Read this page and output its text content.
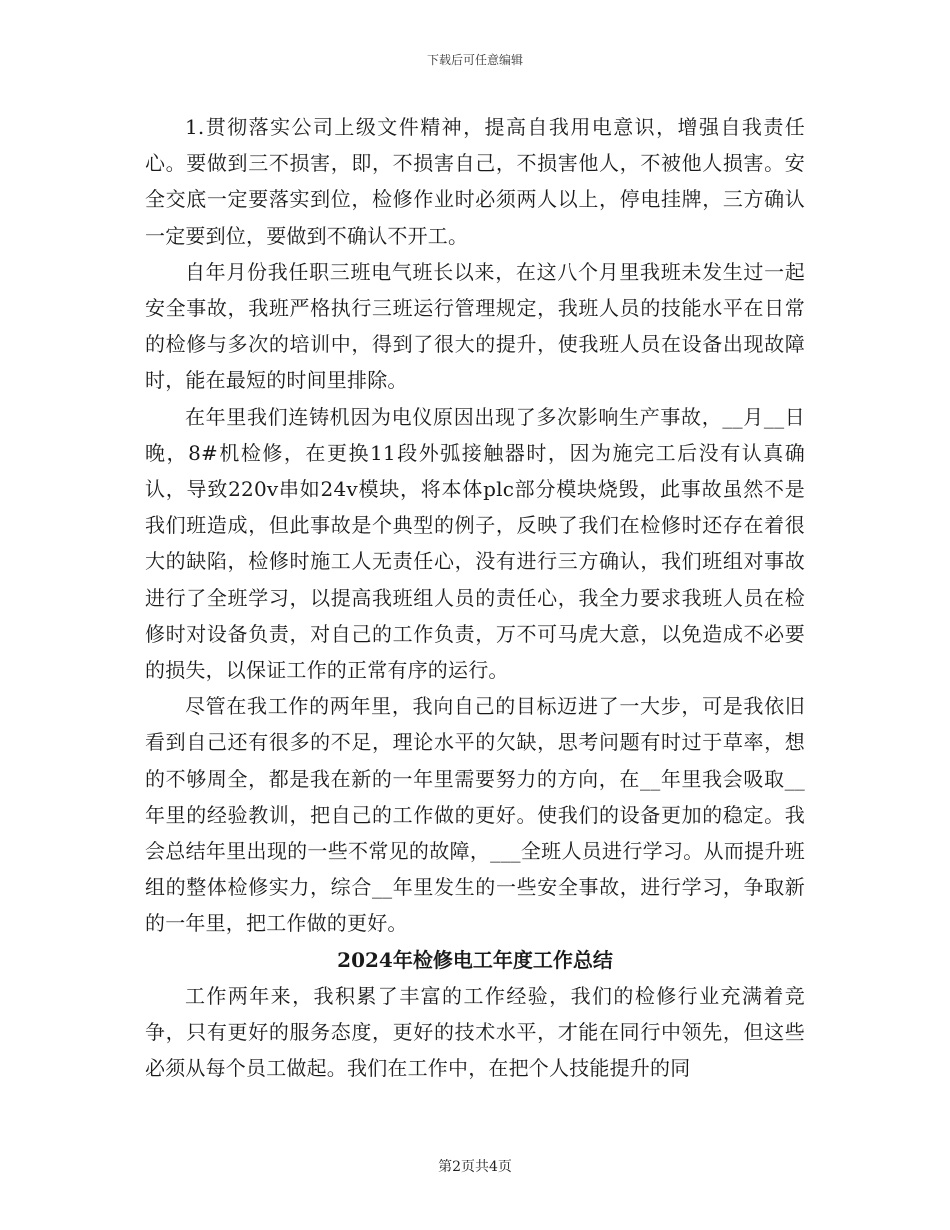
下载后可任意编辑

1.贯彻落实公司上级文件精神，提高自我用电意识，增强自我责任心。要做到三不损害，即，不损害自己，不损害他人，不被他人损害。安全交底一定要落实到位，检修作业时必须两人以上，停电挂牌，三方确认一定要到位，要做到不确认不开工。

自年月份我任职三班电气班长以来，在这八个月里我班未发生过一起安全事故，我班严格执行三班运行管理规定，我班人员的技能水平在日常的检修与多次的培训中，得到了很大的提升，使我班人员在设备出现故障时，能在最短的时间里排除。

在年里我们连铸机因为电仪原因出现了多次影响生产事故，__月__日晚，8#机检修，在更换11段外弧接触器时，因为施完工后没有认真确认，导致220v串如24v模块，将本体plc部分模块烧毁，此事故虽然不是我们班造成，但此事故是个典型的例子，反映了我们在检修时还存在着很大的缺陷，检修时施工人无责任心，没有进行三方确认，我们班组对事故进行了全班学习，以提高我班组人员的责任心，我全力要求我班人员在检修时对设备负责，对自己的工作负责，万不可马虎大意，以免造成不必要的损失，以保证工作的正常有序的运行。

尽管在我工作的两年里，我向自己的目标迈进了一大步，可是我依旧看到自己还有很多的不足，理论水平的欠缺，思考问题有时过于草率，想的不够周全，都是我在新的一年里需要努力的方向，在__年里我会吸取__年里的经验教训，把自己的工作做的更好。使我们的设备更加的稳定。我会总结年里出现的一些不常见的故障，___全班人员进行学习。从而提升班组的整体检修实力，综合__年里发生的一些安全事故，进行学习，争取新的一年里，把工作做的更好。

2024年检修电工年度工作总结

工作两年来，我积累了丰富的工作经验，我们的检修行业充满着竞争，只有更好的服务态度，更好的技术水平，才能在同行中领先，但这些必须从每个员工做起。我们在工作中，在把个人技能提升的同

第2页共4页
